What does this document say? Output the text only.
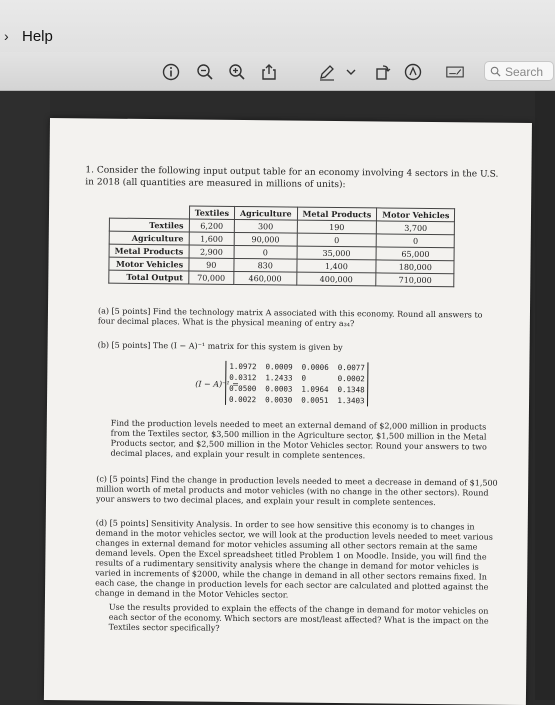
› Help
Search
1. Consider the following input output table for an economy involving 4 sectors in the U.S. in 2018 (all quantities are measured in millions of units):
	Textiles	Agriculture	Metal Products	Motor Vehicles
Textiles	6,200	300	190	3,700
Agriculture	1,600	90,000	0	0
Metal Products	2,900	0	35,000	65,000
Motor Vehicles	90	830	1,400	180,000
Total Output	70,000	460,000	400,000	710,000
(a) [5 points] Find the technology matrix A associated with this economy. Round all answers to four decimal places. What is the physical meaning of entry a₃₄?
(b) [5 points] The (I − A)⁻¹ matrix for this system is given by
(I − A)⁻¹ =
1.0972  0.0009  0.0006  0.0077
0.0312  1.2433  0       0.0002
0.0500  0.0003  1.0964  0.1348
0.0022  0.0030  0.0051  1.3403
Find the production levels needed to meet an external demand of $2,000 million in products from the Textiles sector, $3,500 million in the Agriculture sector, $1,500 million in the Metal Products sector, and $2,500 million in the Motor Vehicles sector. Round your answers to two decimal places, and explain your result in complete sentences.
(c) [5 points] Find the change in production levels needed to meet a decrease in demand of $1,500 million worth of metal products and motor vehicles (with no change in the other sectors). Round your answers to two decimal places, and explain your result in complete sentences.
(d) [5 points] Sensitivity Analysis. In order to see how sensitive this economy is to changes in demand in the motor vehicles sector, we will look at the production levels needed to meet various changes in external demand for motor vehicles assuming all other sectors remain at the same demand levels. Open the Excel spreadsheet titled Problem 1 on Moodle. Inside, you will find the results of a rudimentary sensitivity analysis where the change in demand for motor vehicles is varied in increments of $2000, while the change in demand in all other sectors remains fixed. In each case, the change in production levels for each sector are calculated and plotted against the change in demand in the Motor Vehicles sector.
Use the results provided to explain the effects of the change in demand for motor vehicles on each sector of the economy. Which sectors are most/least affected? What is the impact on the Textiles sector specifically?
